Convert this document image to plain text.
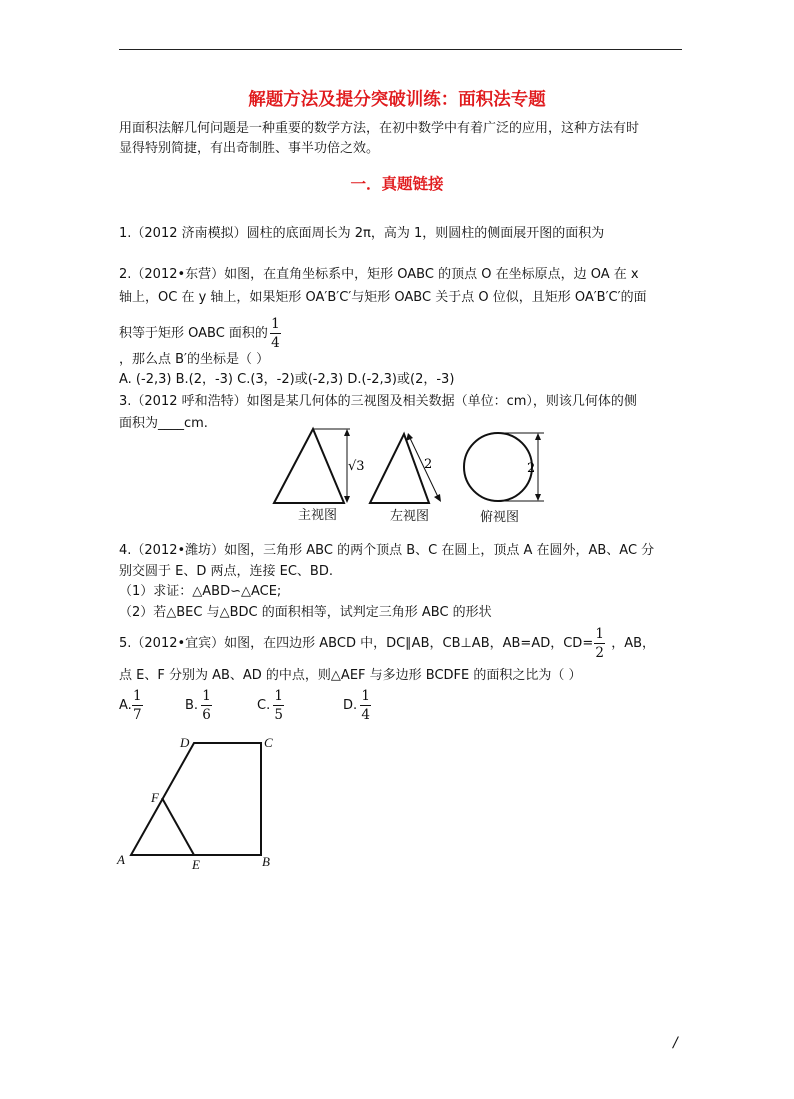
解题方法及提分突破训练：面积法专题
用面积法解几何问题是一种重要的数学方法，在初中数学中有着广泛的应用，这种方法有时
显得特别简捷，有出奇制胜、事半功倍之效。
一．真题链接
1.（2012 济南模拟）圆柱的底面周长为 2π，高为 1，则圆柱的侧面展开图的面积为
2.（2012•东营）如图，在直角坐标系中，矩形 OABC 的顶点 O 在坐标原点，边 OA 在 x
轴上，OC 在 y 轴上，如果矩形 OA′B′C′与矩形 OABC 关于点 O 位似，且矩形 OA′B′C′的面
积等于矩形 OABC 面积的 $\frac{1}{4}$
，那么点 B′的坐标是（ ）
A. (-2,3) B.(2，-3) C.(3，-2)或(-2,3) D.(-2,3)或(2，-3)
3.（2012 呼和浩特）如图是某几何体的三视图及相关数据（单位：cm），则该几何体的侧
面积为____cm.
√3	2	2
主视图	左视图	俯视图
4.（2012•潍坊）如图，三角形 ABC 的两个顶点 B、C 在圆上，顶点 A 在圆外，AB、AC 分
别交圆于 E、D 两点，连接 EC、BD.
（1）求证：△ABD∽△ACE;
（2）若△BEC 与△BDC 的面积相等，试判定三角形 ABC 的形状
5.（2012•宜宾）如图，在四边形 ABCD 中，DC∥AB，CB⊥AB，AB=AD，$CD= \frac{1}{2}$ ，AB，
点 E、F 分别为 AB、AD 的中点，则△AEF 与多边形 BCDFE 的面积之比为（ ）
A. $\frac{1}{7}$	B. $\frac{1}{6}$	C. $\frac{1}{5}$	D. $\frac{1}{4}$
D	C
F
A	E	B
/
